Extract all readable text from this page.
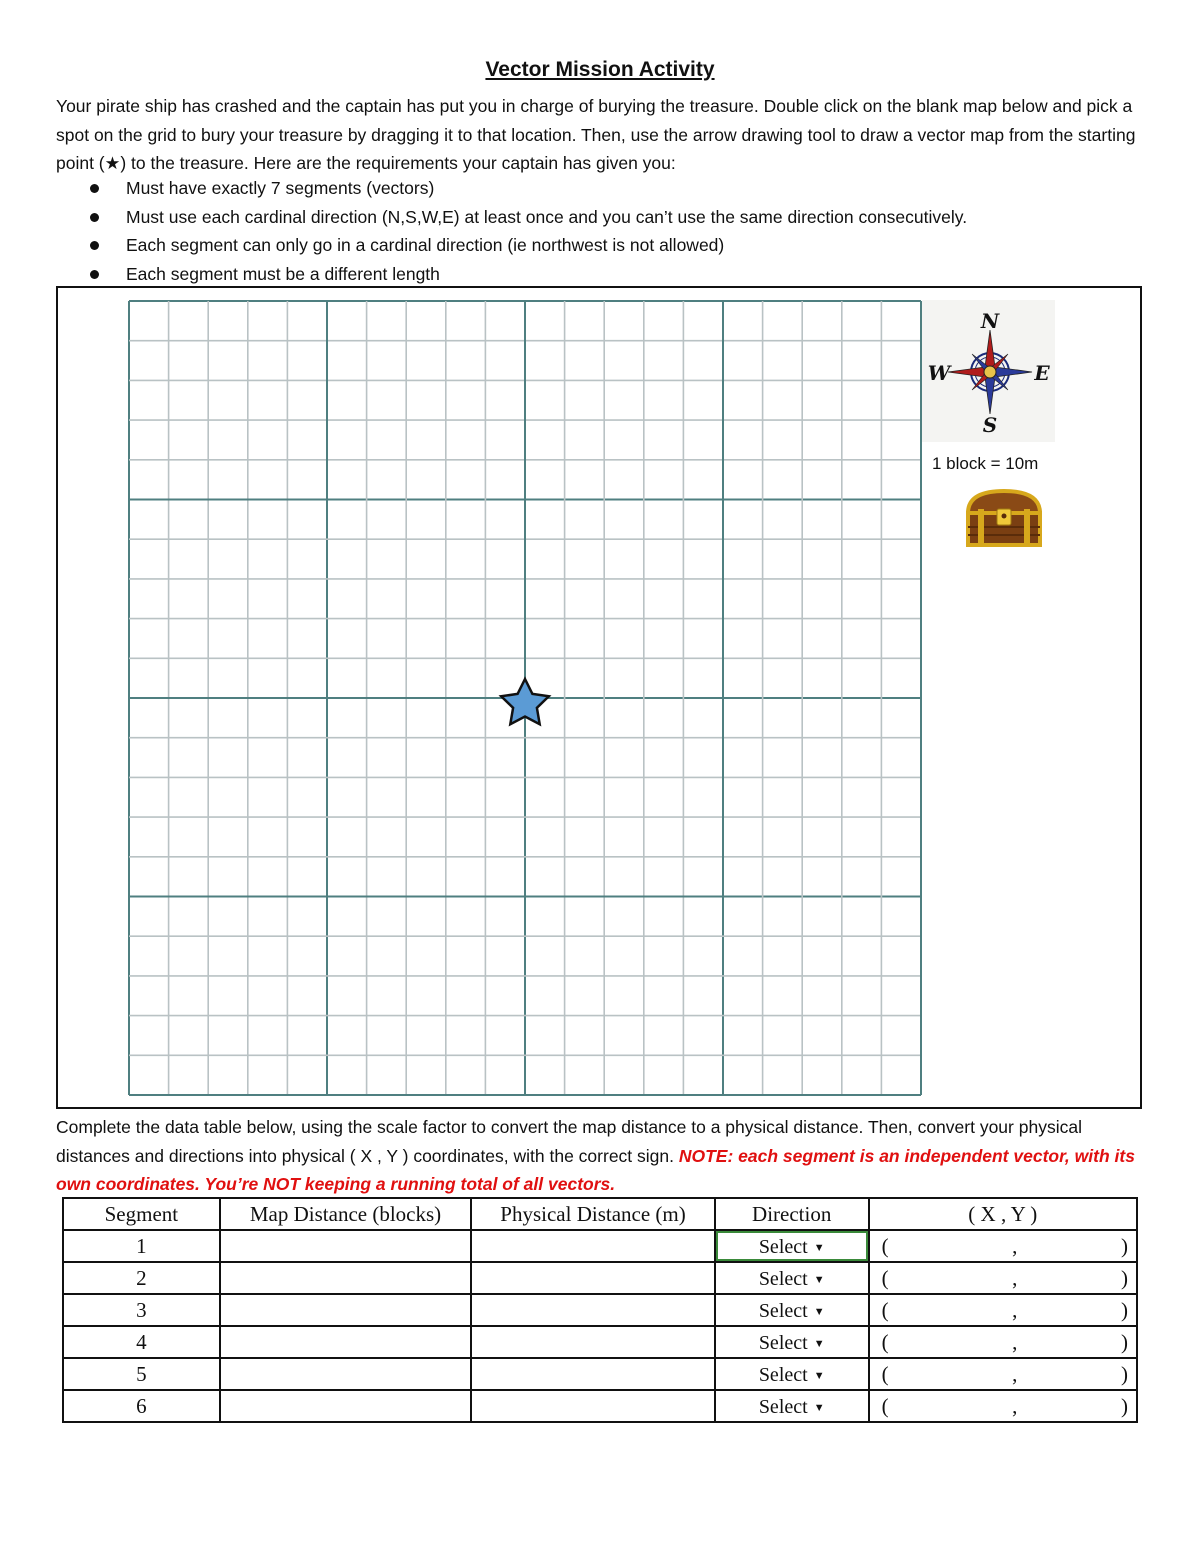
Vector Mission Activity
Your pirate ship has crashed and the captain has put you in charge of burying the treasure. Double click on the blank map below and pick a spot on the grid to bury your treasure by dragging it to that location. Then, use the arrow drawing tool to draw a vector map from the starting point (★) to the treasure. Here are the requirements your captain has given you:
Must have exactly 7 segments (vectors)
Must use each cardinal direction (N,S,W,E) at least once and you can’t use the same direction consecutively.
Each segment can only go in a cardinal direction (ie northwest is not allowed)
Each segment must be a different length
N
S
W	E
1 block = 10m
Complete the data table below, using the scale factor to convert the map distance to a physical distance. Then, convert your physical distances and directions into physical ( X , Y ) coordinates, with the correct sign. NOTE: each segment is an independent vector, with its own coordinates. You’re NOT keeping a running total of all vectors.
Segment	Map Distance (blocks)	Physical Distance (m)	Direction	( X , Y )
1			Select ▼	( , )

2			Select ▼	( , )

3			Select ▼	( , )

4			Select ▼	( , )

5			Select ▼	( , )

6			Select ▼	( , )
